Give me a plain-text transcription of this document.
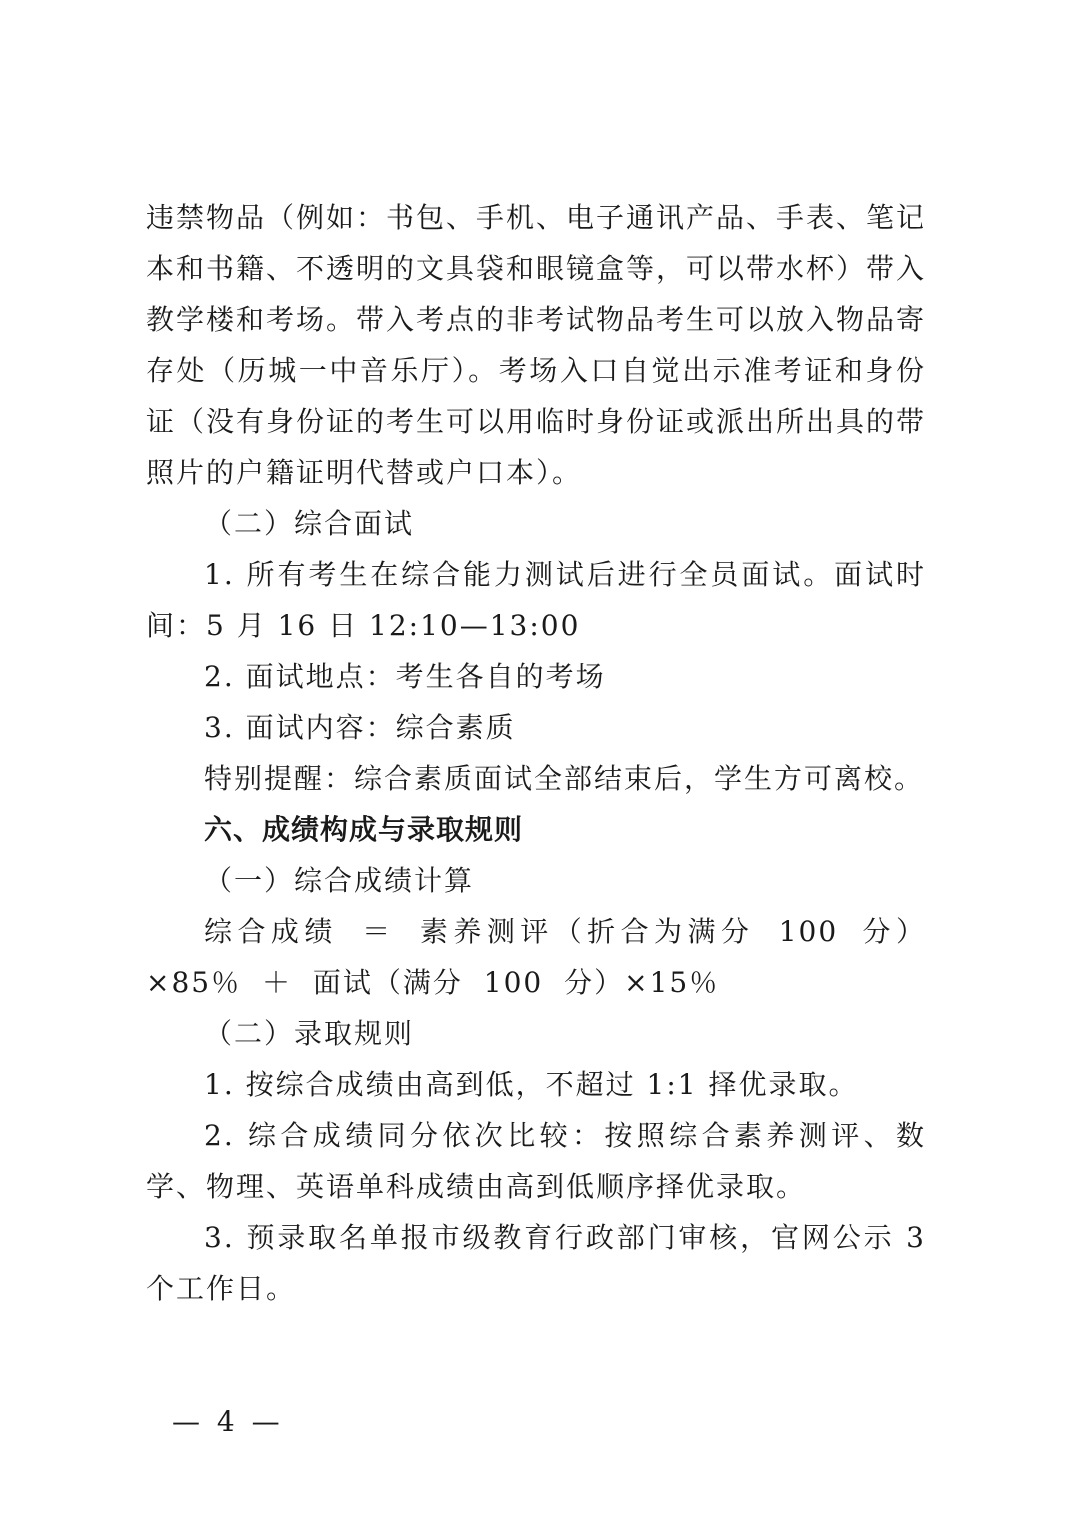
违禁物品（例如：书包、手机、电子通讯产品、手表、笔记本和书籍、不透明的文具袋和眼镜盒等，可以带水杯）带入教学楼和考场。带入考点的非考试物品考生可以放入物品寄存处（历城一中音乐厅）。考场入口自觉出示准考证和身份证（没有身份证的考生可以用临时身份证或派出所出具的带照片的户籍证明代替或户口本）。

（二）综合面试

1. 所有考生在综合能力测试后进行全员面试。面试时间：5 月 16 日 12:10—13:00

2. 面试地点：考生各自的考场

3. 面试内容：综合素质

特别提醒：综合素质面试全部结束后，学生方可离校。

六、成绩构成与录取规则

（一）综合成绩计算

综合成绩 ＝ 素养测评（折合为满分 100 分）×85％ ＋ 面试（满分 100 分）×15％

（二）录取规则

1. 按综合成绩由高到低，不超过 1:1 择优录取。

2. 综合成绩同分依次比较：按照综合素养测评、数学、物理、英语单科成绩由高到低顺序择优录取。

3. 预录取名单报市级教育行政部门审核，官网公示 3 个工作日。

— 4 —
